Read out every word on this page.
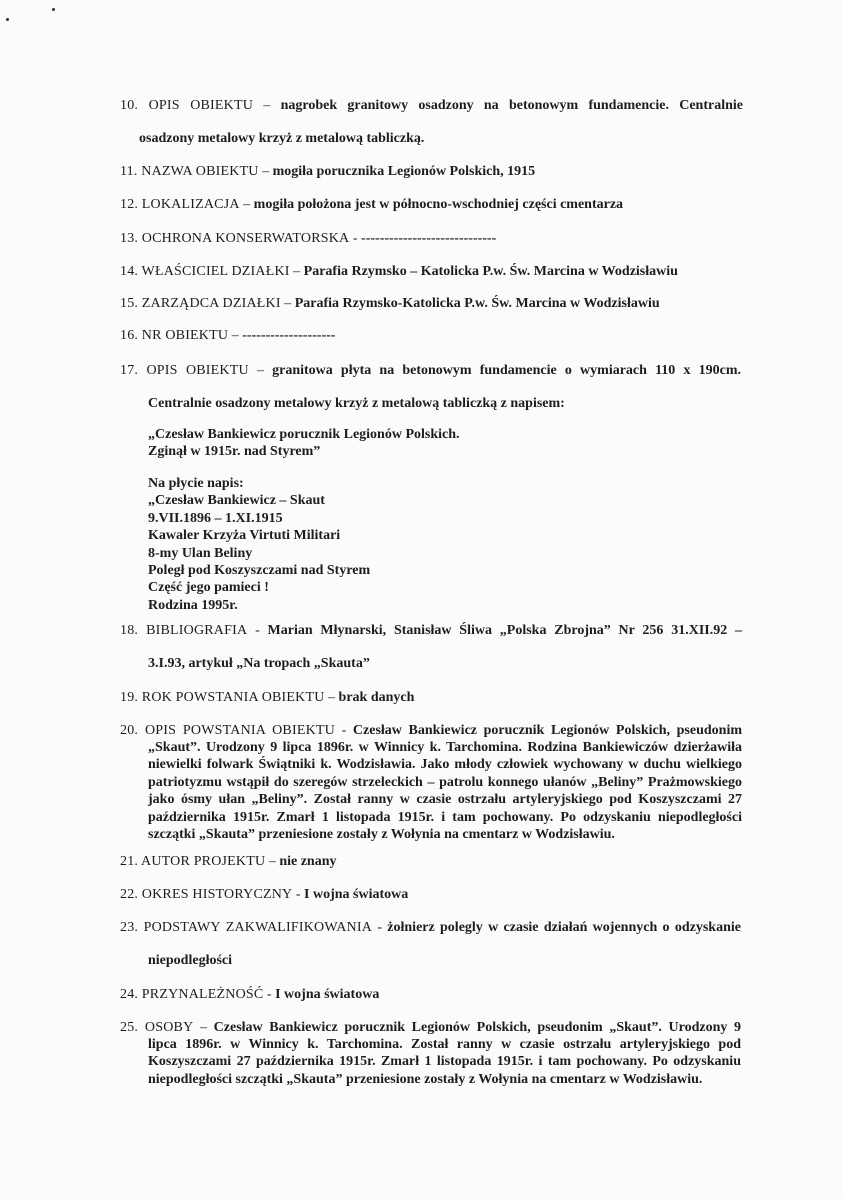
10. OPIS OBIEKTU – nagrobek granitowy osadzony na betonowym fundamencie. Centralnie
osadzony metalowy krzyż z metalową tabliczką.
11. NAZWA OBIEKTU – mogiła porucznika Legionów Polskich, 1915
12. LOKALIZACJA – mogiła położona jest w północno-wschodniej części cmentarza
13. OCHRONA KONSERWATORSKA - -----------------------------
14. WŁAŚCICIEL DZIAŁKI – Parafia Rzymsko – Katolicka P.w. Św. Marcina w Wodzisławiu
15. ZARZĄDCA DZIAŁKI – Parafia Rzymsko-Katolicka P.w. Św. Marcina w Wodzisławiu
16. NR OBIEKTU – --------------------
17. OPIS OBIEKTU – granitowa płyta na betonowym fundamencie o wymiarach 110 x 190cm.
Centralnie osadzony metalowy krzyż z metalową tabliczką z napisem:
„Czesław Bankiewicz porucznik Legionów Polskich.
Zginął w 1915r. nad Styrem”
Na płycie napis:
„Czesław Bankiewicz – Skaut
9.VII.1896 – 1.XI.1915
Kawaler Krzyża Virtuti Militari
8-my Ulan Beliny
Poległ pod Koszyszczami nad Styrem
Część jego pamieci !
Rodzina 1995r.
18. BIBLIOGRAFIA - Marian Młynarski, Stanisław Śliwa „Polska Zbrojna” Nr 256 31.XII.92 –
3.I.93, artykuł „Na tropach „Skauta”
19. ROK POWSTANIA OBIEKTU – brak danych
20. OPIS POWSTANIA OBIEKTU - Czesław Bankiewicz porucznik Legionów Polskich, pseudonim
„Skaut”. Urodzony 9 lipca 1896r. w Winnicy k. Tarchomina. Rodzina Bankiewiczów dzierżawiła
niewielki folwark Świątniki k. Wodzisławia. Jako młody człowiek wychowany w duchu wielkiego
patriotyzmu wstąpił do szeregów strzeleckich – patrolu konnego ułanów „Beliny” Prażmowskiego
jako ósmy ułan „Beliny”. Został ranny w czasie ostrzału artyleryjskiego pod Koszyszczami 27
października 1915r. Zmarł 1 listopada 1915r. i tam pochowany. Po odzyskaniu niepodległości
szczątki „Skauta” przeniesione zostały z Wołynia na cmentarz w Wodzisławiu.
21. AUTOR PROJEKTU – nie znany
22. OKRES HISTORYCZNY - I wojna światowa
23. PODSTAWY ZAKWALIFIKOWANIA - żołnierz polegly w czasie działań wojennych o odzyskanie
niepodległości
24. PRZYNALEŻNOŚĆ - I wojna światowa
25. OSOBY – Czesław Bankiewicz porucznik Legionów Polskich, pseudonim „Skaut”. Urodzony 9
lipca 1896r. w Winnicy k. Tarchomina. Został ranny w czasie ostrzału artyleryjskiego pod
Koszyszczami 27 października 1915r. Zmarł 1 listopada 1915r. i tam pochowany. Po odzyskaniu
niepodległości szczątki „Skauta” przeniesione zostały z Wołynia na cmentarz w Wodzisławiu.
